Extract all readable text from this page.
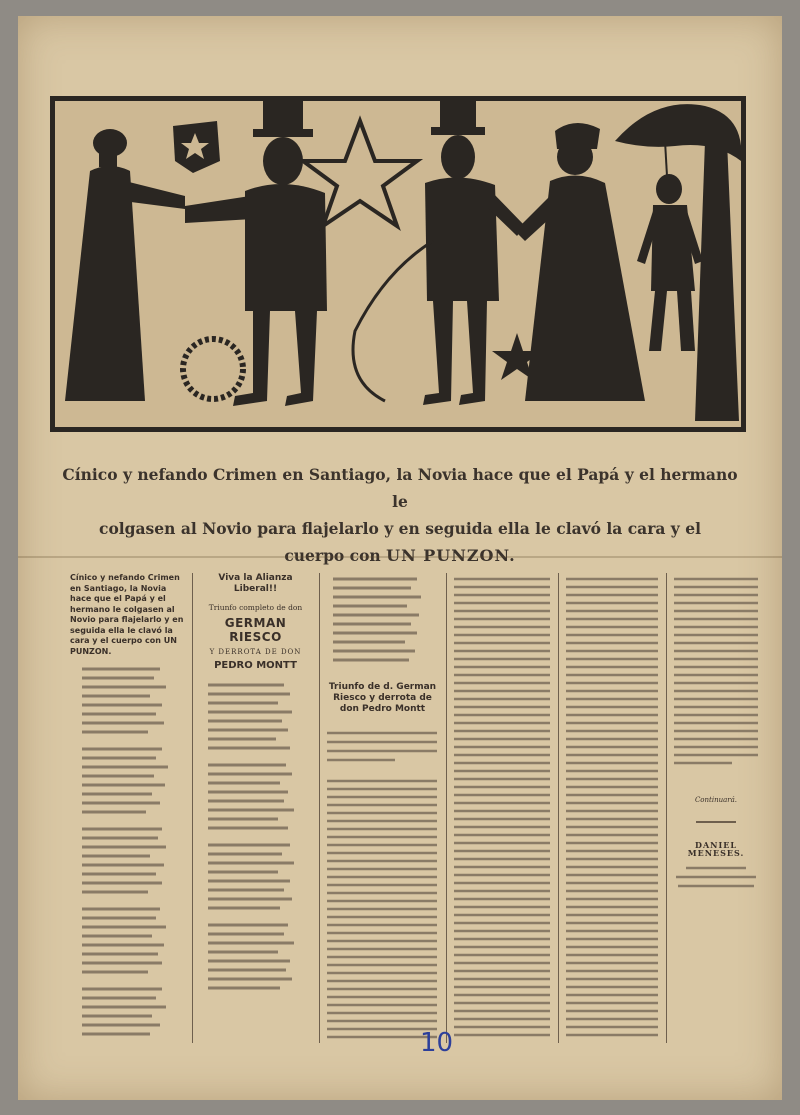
Cínico y nefando Crimen en Santiago, la Novia hace que el Papá y el hermano le
colgasen al Novio para flajelarlo y en seguida ella le clavó la cara y el
cuerpo con UN PUNZON.

Cínico y nefando Crimen en Santiago, la Novia hace que el Papá y el hermano le colgasen al Novio para flajelarlo y en seguida ella le clavó la cara y el cuerpo con UN PUNZON.

Viva la Alianza Liberal!!

Triunfo completo de don

GERMAN RIESCO

Y DERROTA DE DON

PEDRO MONTT

Triunfo de d. German Riesco y derrota de don Pedro Montt

Continuará.

DANIEL MENESES.

10
